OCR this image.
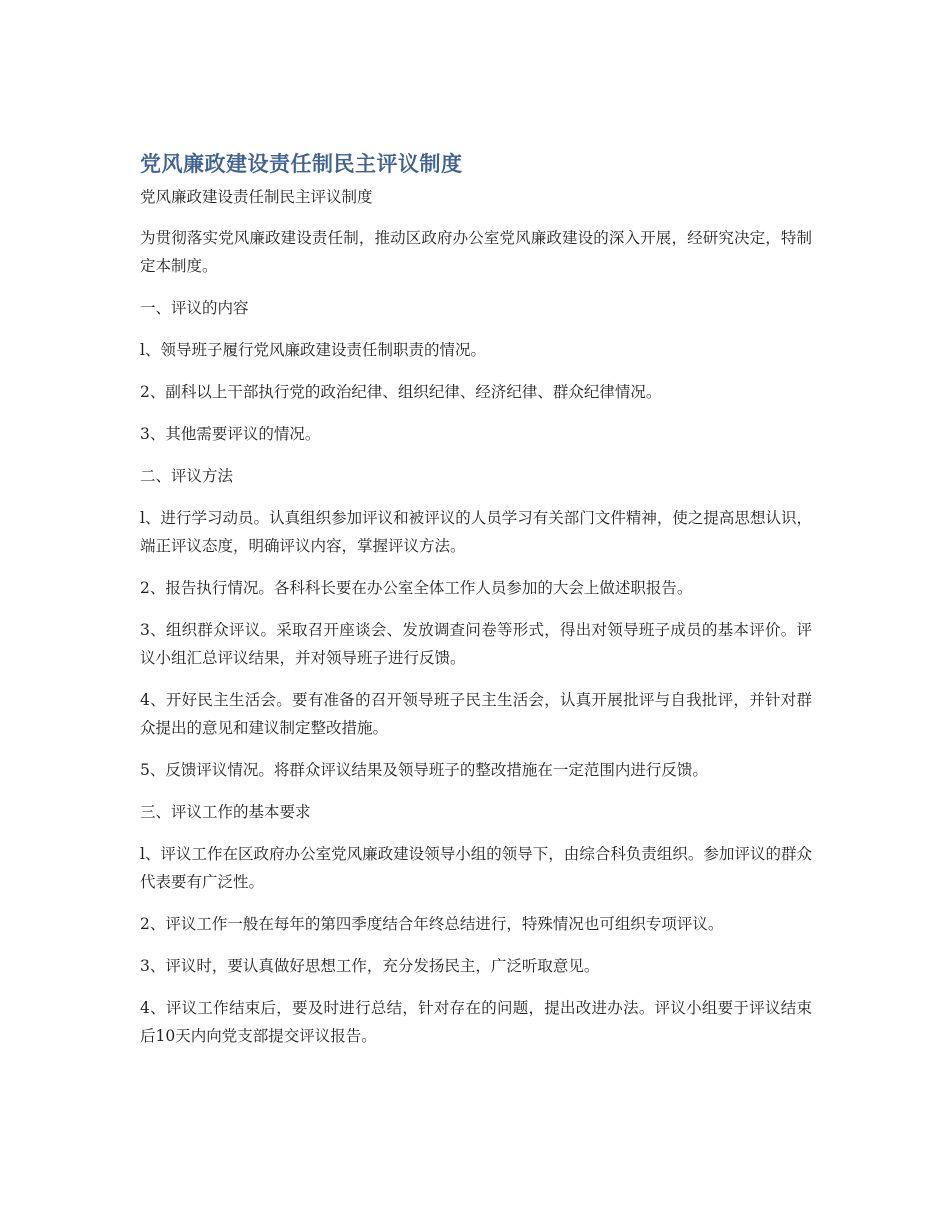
党风廉政建设责任制民主评议制度
党风廉政建设责任制民主评议制度

为贯彻落实党风廉政建设责任制，推动区政府办公室党风廉政建设的深入开展，经研究决定，特制定本制度。

一、评议的内容

l、领导班子履行党风廉政建设责任制职责的情况。

2、副科以上干部执行党的政治纪律、组织纪律、经济纪律、群众纪律情况。

3、其他需要评议的情况。

二、评议方法

l、进行学习动员。认真组织参加评议和被评议的人员学习有关部门文件精神，使之提高思想认识，端正评议态度，明确评议内容，掌握评议方法。

2、报告执行情况。各科科长要在办公室全体工作人员参加的大会上做述职报告。

3、组织群众评议。采取召开座谈会、发放调查问卷等形式，得出对领导班子成员的基本评价。评议小组汇总评议结果，并对领导班子进行反馈。

4、开好民主生活会。要有准备的召开领导班子民主生活会，认真开展批评与自我批评，并针对群众提出的意见和建议制定整改措施。

5、反馈评议情况。将群众评议结果及领导班子的整改措施在一定范围内进行反馈。

三、评议工作的基本要求

l、评议工作在区政府办公室党风廉政建设领导小组的领导下，由综合科负责组织。参加评议的群众代表要有广泛性。

2、评议工作一般在每年的第四季度结合年终总结进行，特殊情况也可组织专项评议。

3、评议时，要认真做好思想工作，充分发扬民主，广泛听取意见。

4、评议工作结束后，要及时进行总结，针对存在的问题，提出改进办法。评议小组要于评议结束后10天内向党支部提交评议报告。
